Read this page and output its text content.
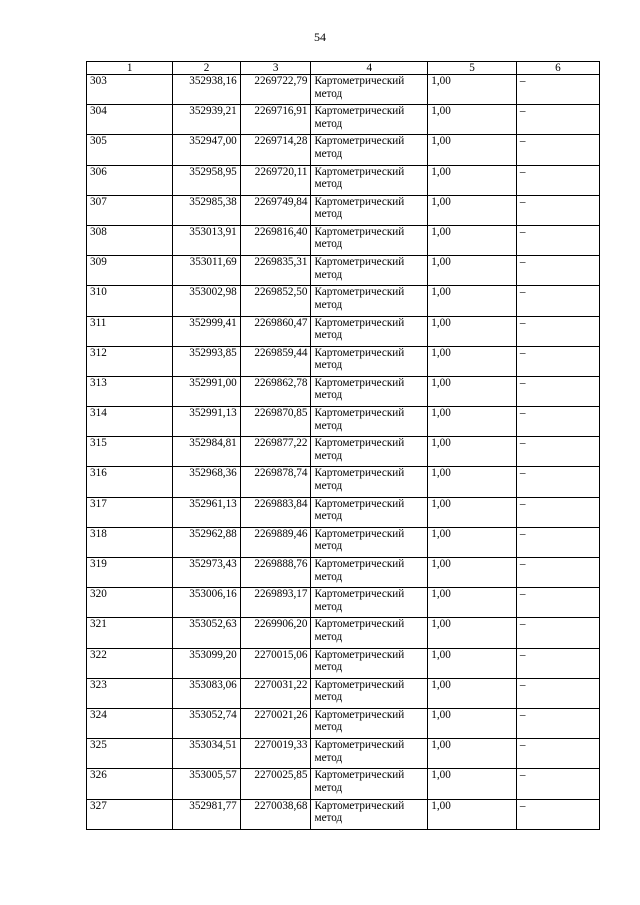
54
1	2	3	4	5	6
303	352938,16	2269722,79	Картометрический метод	1,00	–
304	352939,21	2269716,91	Картометрический метод	1,00	–
305	352947,00	2269714,28	Картометрический метод	1,00	–
306	352958,95	2269720,11	Картометрический метод	1,00	–
307	352985,38	2269749,84	Картометрический метод	1,00	–
308	353013,91	2269816,40	Картометрический метод	1,00	–
309	353011,69	2269835,31	Картометрический метод	1,00	–
310	353002,98	2269852,50	Картометрический метод	1,00	–
311	352999,41	2269860,47	Картометрический метод	1,00	–
312	352993,85	2269859,44	Картометрический метод	1,00	–
313	352991,00	2269862,78	Картометрический метод	1,00	–
314	352991,13	2269870,85	Картометрический метод	1,00	–
315	352984,81	2269877,22	Картометрический метод	1,00	–
316	352968,36	2269878,74	Картометрический метод	1,00	–
317	352961,13	2269883,84	Картометрический метод	1,00	–
318	352962,88	2269889,46	Картометрический метод	1,00	–
319	352973,43	2269888,76	Картометрический метод	1,00	–
320	353006,16	2269893,17	Картометрический метод	1,00	–
321	353052,63	2269906,20	Картометрический метод	1,00	–
322	353099,20	2270015,06	Картометрический метод	1,00	–
323	353083,06	2270031,22	Картометрический метод	1,00	–
324	353052,74	2270021,26	Картометрический метод	1,00	–
325	353034,51	2270019,33	Картометрический метод	1,00	–
326	353005,57	2270025,85	Картометрический метод	1,00	–
327	352981,77	2270038,68	Картометрический метод	1,00	–
